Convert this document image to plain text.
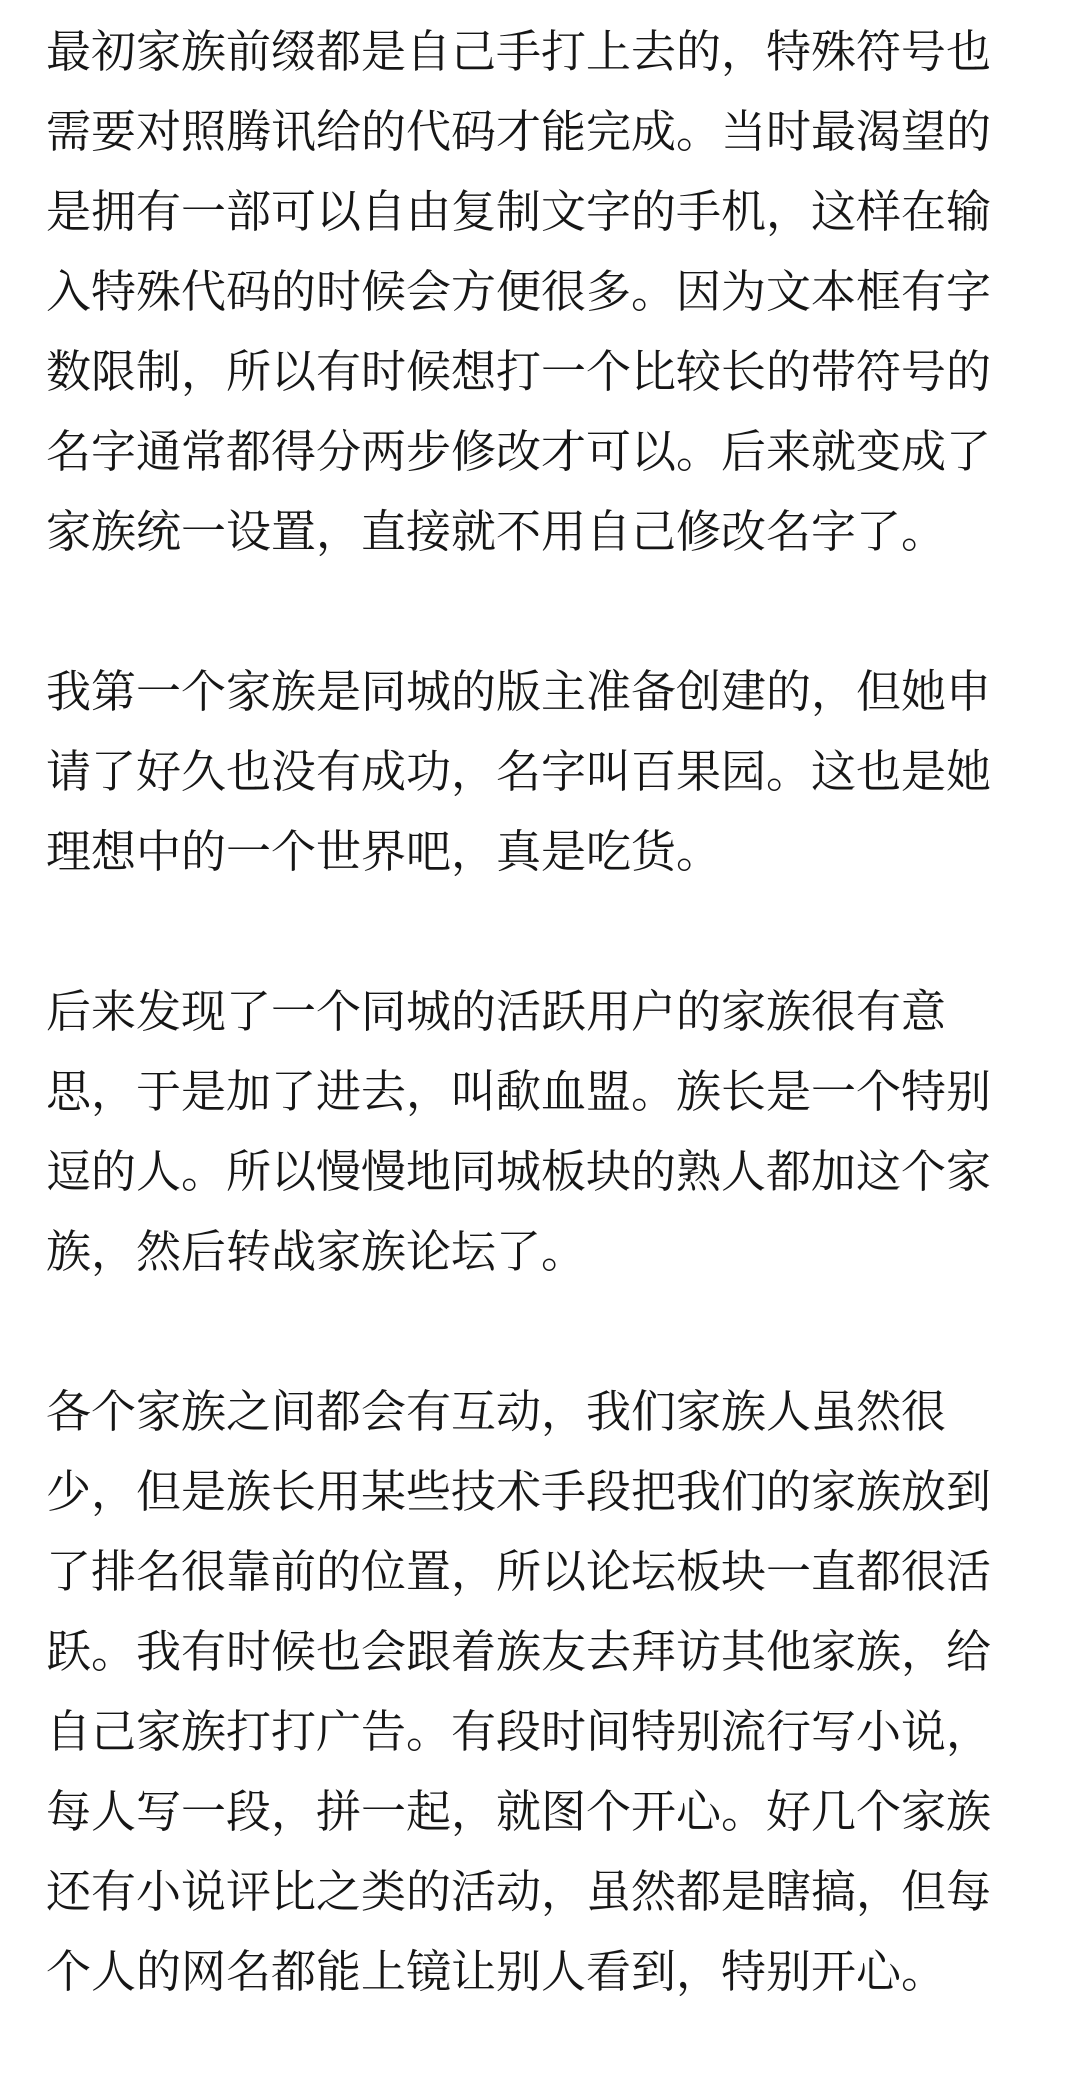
最初家族前缀都是自己手打上去的，特殊符号也
需要对照腾讯给的代码才能完成。当时最渴望的
是拥有一部可以自由复制文字的手机，这样在输
入特殊代码的时候会方便很多。因为文本框有字
数限制，所以有时候想打一个比较长的带符号的
名字通常都得分两步修改才可以。后来就变成了
家族统一设置，直接就不用自己修改名字了。
我第一个家族是同城的版主准备创建的，但她申
请了好久也没有成功，名字叫百果园。这也是她
理想中的一个世界吧，真是吃货。
后来发现了一个同城的活跃用户的家族很有意
思，于是加了进去，叫歃血盟。族长是一个特别
逗的人。所以慢慢地同城板块的熟人都加这个家
族，然后转战家族论坛了。
各个家族之间都会有互动，我们家族人虽然很
少，但是族长用某些技术手段把我们的家族放到
了排名很靠前的位置，所以论坛板块一直都很活
跃。我有时候也会跟着族友去拜访其他家族，给
自己家族打打广告。有段时间特别流行写小说，
每人写一段，拼一起，就图个开心。好几个家族
还有小说评比之类的活动，虽然都是瞎搞，但每
个人的网名都能上镜让别人看到，特别开心。
